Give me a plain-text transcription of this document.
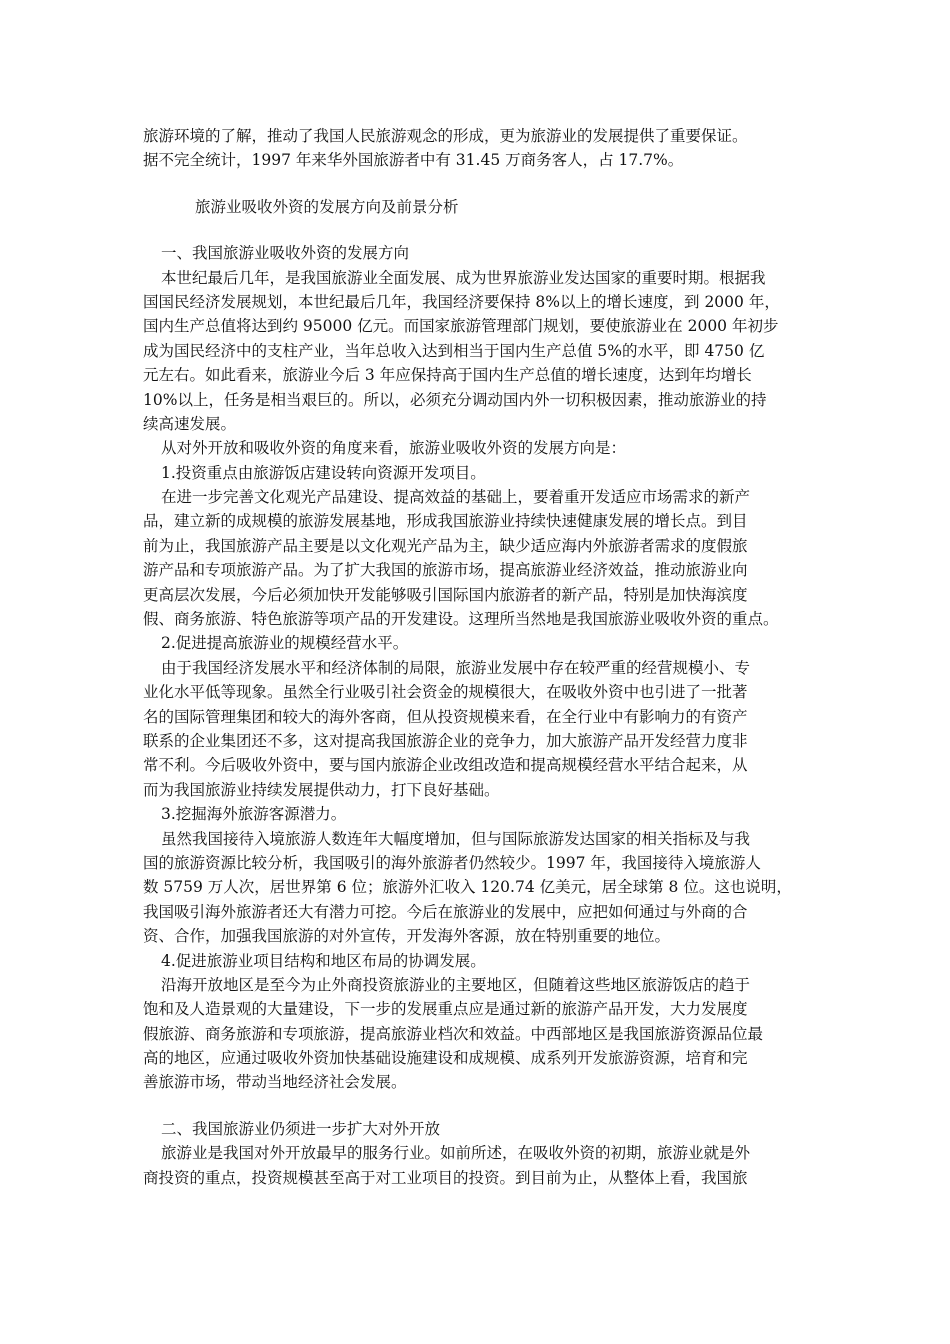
旅游环境的了解，推动了我国人民旅游观念的形成，更为旅游业的发展提供了重要保证。
据不完全统计，1997 年来华外国旅游者中有 31.45 万商务客人，占 17.7%。
旅游业吸收外资的发展方向及前景分析
一、我国旅游业吸收外资的发展方向
本世纪最后几年，是我国旅游业全面发展、成为世界旅游业发达国家的重要时期。根据我
国国民经济发展规划，本世纪最后几年，我国经济要保持 8%以上的增长速度，到 2000 年，
国内生产总值将达到约 95000 亿元。而国家旅游管理部门规划，要使旅游业在 2000 年初步
成为国民经济中的支柱产业，当年总收入达到相当于国内生产总值 5%的水平，即 4750 亿
元左右。如此看来，旅游业今后 3 年应保持高于国内生产总值的增长速度，达到年均增长
10%以上，任务是相当艰巨的。所以，必须充分调动国内外一切积极因素，推动旅游业的持
续高速发展。
从对外开放和吸收外资的角度来看，旅游业吸收外资的发展方向是：
1.投资重点由旅游饭店建设转向资源开发项目。
在进一步完善文化观光产品建设、提高效益的基础上，要着重开发适应市场需求的新产
品，建立新的成规模的旅游发展基地，形成我国旅游业持续快速健康发展的增长点。到目
前为止，我国旅游产品主要是以文化观光产品为主，缺少适应海内外旅游者需求的度假旅
游产品和专项旅游产品。为了扩大我国的旅游市场，提高旅游业经济效益，推动旅游业向
更高层次发展，今后必须加快开发能够吸引国际国内旅游者的新产品，特别是加快海滨度
假、商务旅游、特色旅游等项产品的开发建设。这理所当然地是我国旅游业吸收外资的重点。
2.促进提高旅游业的规模经营水平。
由于我国经济发展水平和经济体制的局限，旅游业发展中存在较严重的经营规模小、专
业化水平低等现象。虽然全行业吸引社会资金的规模很大，在吸收外资中也引进了一批著
名的国际管理集团和较大的海外客商，但从投资规模来看，在全行业中有影响力的有资产
联系的企业集团还不多，这对提高我国旅游企业的竞争力，加大旅游产品开发经营力度非
常不利。今后吸收外资中，要与国内旅游企业改组改造和提高规模经营水平结合起来，从
而为我国旅游业持续发展提供动力，打下良好基础。
3.挖掘海外旅游客源潜力。
虽然我国接待入境旅游人数连年大幅度增加，但与国际旅游发达国家的相关指标及与我
国的旅游资源比较分析，我国吸引的海外旅游者仍然较少。1997 年，我国接待入境旅游人
数 5759 万人次，居世界第 6 位；旅游外汇收入 120.74 亿美元，居全球第 8 位。这也说明，
我国吸引海外旅游者还大有潜力可挖。今后在旅游业的发展中，应把如何通过与外商的合
资、合作，加强我国旅游的对外宣传，开发海外客源，放在特别重要的地位。
4.促进旅游业项目结构和地区布局的协调发展。
沿海开放地区是至今为止外商投资旅游业的主要地区，但随着这些地区旅游饭店的趋于
饱和及人造景观的大量建设，下一步的发展重点应是通过新的旅游产品开发，大力发展度
假旅游、商务旅游和专项旅游，提高旅游业档次和效益。中西部地区是我国旅游资源品位最
高的地区，应通过吸收外资加快基础设施建设和成规模、成系列开发旅游资源，培育和完
善旅游市场，带动当地经济社会发展。
二、我国旅游业仍须进一步扩大对外开放
旅游业是我国对外开放最早的服务行业。如前所述，在吸收外资的初期，旅游业就是外
商投资的重点，投资规模甚至高于对工业项目的投资。到目前为止，从整体上看，我国旅
